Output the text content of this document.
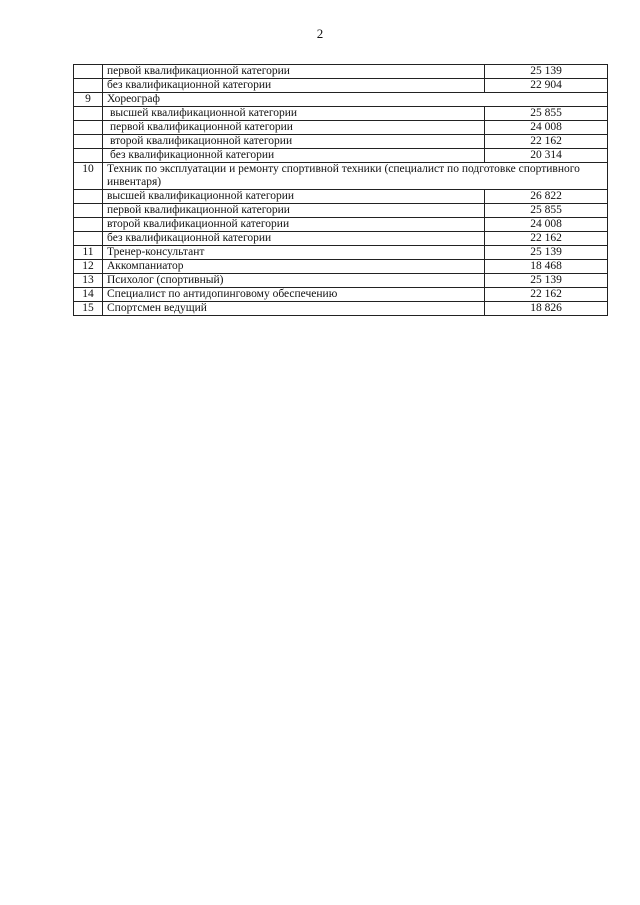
2
	первой квалификационной категории	25 139
	без квалификационной категории	22 904
9	Хореограф	
	высшей квалификационной категории	25 855
	первой квалификационной категории	24 008
	второй квалификационной категории	22 162
	без квалификационной категории	20 314
10	Техник по эксплуатации и ремонту спортивной техники (специалист по подготовке спортивного инвентаря)	
	высшей квалификационной категории	26 822
	первой квалификационной категории	25 855
	второй квалификационной категории	24 008
	без квалификационной категории	22 162
11	Тренер-консультант	25 139
12	Аккомпаниатор	18 468
13	Психолог (спортивный)	25 139
14	Специалист по антидопинговому обеспечению	22 162
15	Спортсмен ведущий	18 826
